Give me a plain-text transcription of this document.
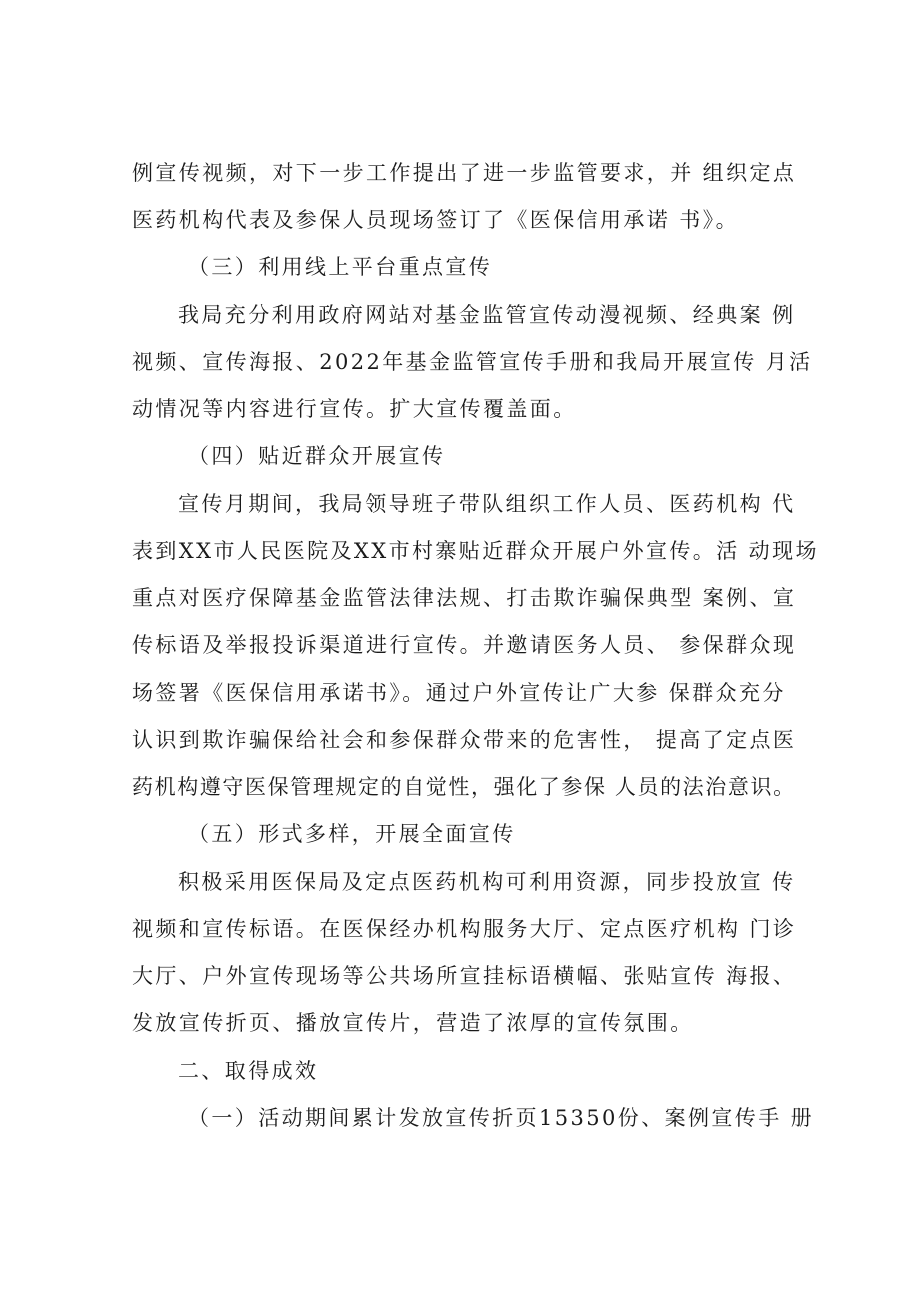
例宣传视频，对下一步工作提出了进一步监管要求，并 组织定点
医药机构代表及参保人员现场签订了《医保信用承诺 书》。
（三）利用线上平台重点宣传
我局充分利用政府网站对基金监管宣传动漫视频、经典案 例
视频、宣传海报、2022年基金监管宣传手册和我局开展宣传 月活
动情况等内容进行宣传。扩大宣传覆盖面。
（四）贴近群众开展宣传
宣传月期间，我局领导班子带队组织工作人员、医药机构 代
表到XX市人民医院及XX市村寨贴近群众开展户外宣传。活 动现场
重点对医疗保障基金监管法律法规、打击欺诈骗保典型 案例、宣
传标语及举报投诉渠道进行宣传。并邀请医务人员、 参保群众现
场签署《医保信用承诺书》。通过户外宣传让广大参 保群众充分
认识到欺诈骗保给社会和参保群众带来的危害性， 提高了定点医
药机构遵守医保管理规定的自觉性，强化了参保 人员的法治意识。
（五）形式多样，开展全面宣传
积极采用医保局及定点医药机构可利用资源，同步投放宣 传
视频和宣传标语。在医保经办机构服务大厅、定点医疗机构 门诊
大厅、户外宣传现场等公共场所宣挂标语横幅、张贴宣传 海报、
发放宣传折页、播放宣传片，营造了浓厚的宣传氛围。
二、取得成效
（一）活动期间累计发放宣传折页15350份、案例宣传手 册
